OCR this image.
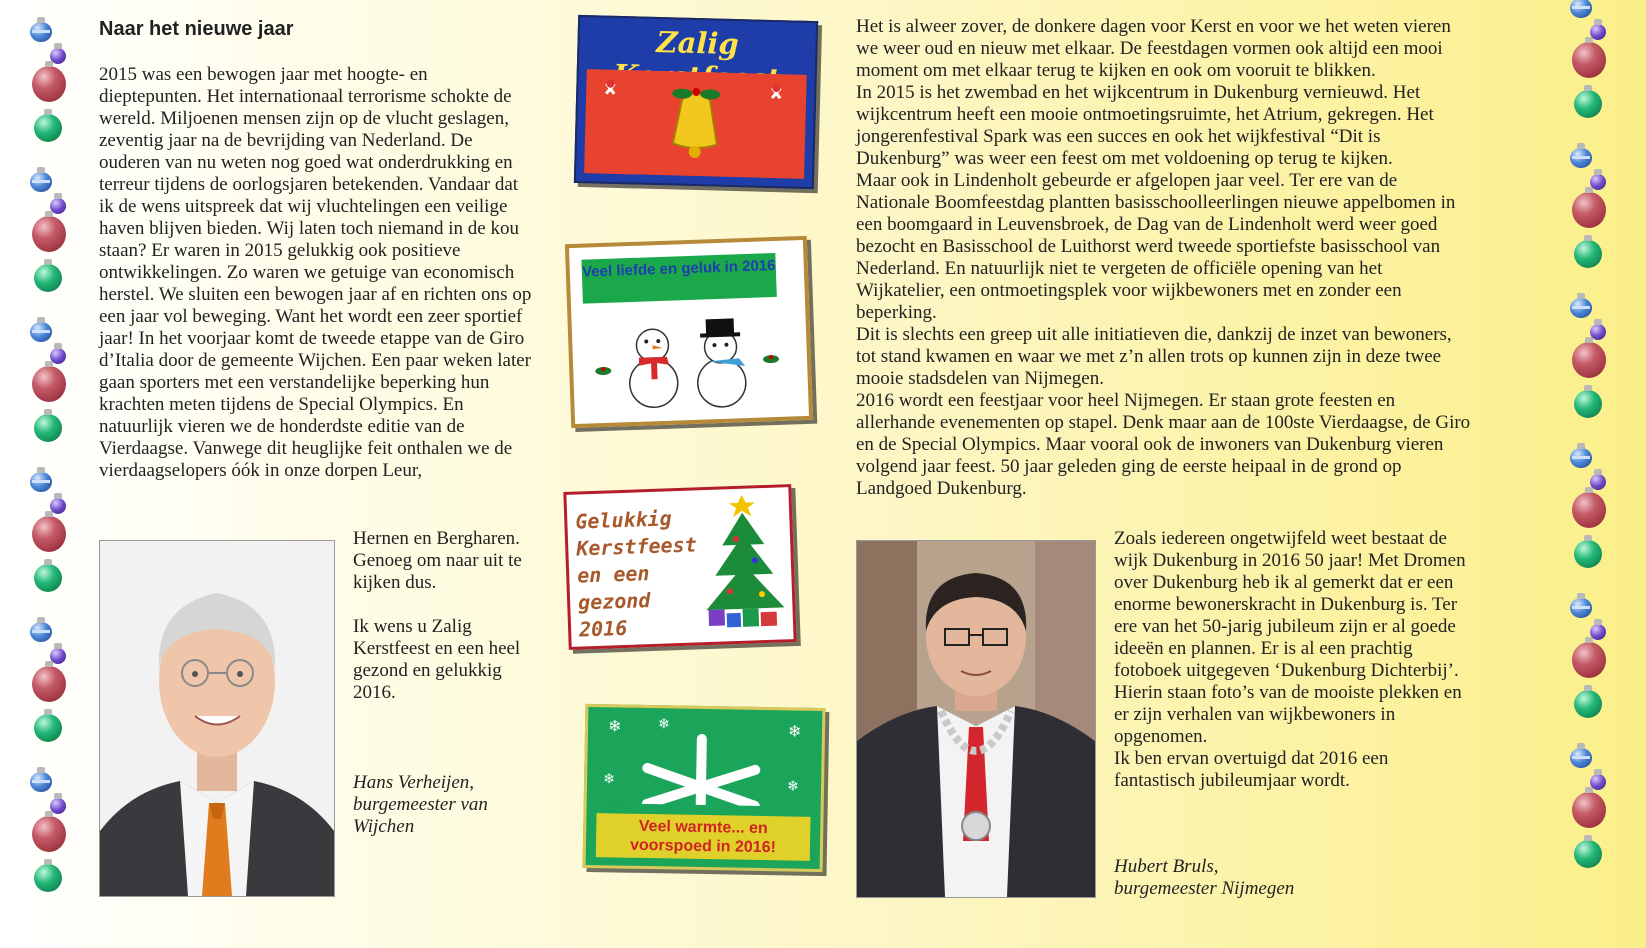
Naar het nieuwe jaar

2015 was een bewogen jaar met hoogte- en dieptepunten. Het internationaal terrorisme schokte de wereld. Miljoenen mensen zijn op de vlucht geslagen, zeventig jaar na de bevrijding van Nederland. De ouderen van nu weten nog goed wat onderdrukking en terreur tijdens de oorlogsjaren betekenden. Vandaar dat ik de wens uitspreek dat wij vluchtelingen een veilige haven blijven bieden. Wij laten toch niemand in de kou staan? Er waren in 2015 gelukkig ook positieve ontwikkelingen. Zo waren we getuige van economisch herstel. We sluiten een bewogen jaar af en richten ons op een jaar vol beweging. Want het wordt een zeer sportief jaar! In het voorjaar komt de tweede etappe van de Giro d’Italia door de gemeente Wijchen. Een paar weken later gaan sporters met een verstandelijke beperking hun krachten meten tijdens de Special Olympics. En natuurlijk vieren we de honderdste editie van de Vierdaagse. Vanwege dit heuglijke feit onthalen we de vierdaagselopers óók in onze dorpen Leur,

Hernen en Bergharen. Genoeg om naar uit te kijken dus.

Ik wens u Zalig Kerstfeest en een heel gezond en gelukkig 2016.

Hans Verheijen,

burgemeester van Wijchen

Zalig
Veel liefde en geluk in 2016
Gelukkig Kerstfeest en een gezond 2016
❄	❄	❄
❄	❄
Veel warmte... en voorspoed in 2016!

Het is alweer zover, de donkere dagen voor Kerst en voor we het weten vieren we weer oud en nieuw met elkaar. De feestdagen vormen ook altijd een mooi moment om met elkaar terug te kijken en ook om vooruit te blikken.

In 2015 is het zwembad en het wijkcentrum in Dukenburg vernieuwd. Het wijkcentrum heeft een mooie ontmoetingsruimte, het Atrium, gekregen. Het jongerenfestival Spark was een succes en ook het wijkfestival “Dit is Dukenburg” was weer een feest om met voldoening op terug te kijken.

Maar ook in Lindenholt gebeurde er afgelopen jaar veel. Ter ere van de Nationale Boomfeestdag plantten basisschoolleerlingen nieuwe appelbomen in een boomgaard in Leuvensbroek, de Dag van de Lindenholt werd weer goed bezocht en Basisschool de Luithorst werd tweede sportiefste basisschool van Nederland. En natuurlijk niet te vergeten de officiële opening van het Wijkatelier, een ontmoetingsplek voor wijkbewoners met en zonder een beperking.

Dit is slechts een greep uit alle initiatieven die, dankzij de inzet van bewoners, tot stand kwamen en waar we met z’n allen trots op kunnen zijn in deze twee mooie stadsdelen van Nijmegen.

2016 wordt een feestjaar voor heel Nijmegen. Er staan grote feesten en allerhande evenementen op stapel. Denk maar aan de 100ste Vierdaagse, de Giro en de Special Olympics. Maar vooral ook de inwoners van Dukenburg vieren volgend jaar feest. 50 jaar geleden ging de eerste heipaal in de grond op Landgoed Dukenburg.

Zoals iedereen ongetwijfeld weet bestaat de wijk Dukenburg in 2016 50 jaar! Met Dromen over Dukenburg heb ik al gemerkt dat er een enorme bewonerskracht in Dukenburg is. Ter ere van het 50-jarig jubileum zijn er al goede ideeën en plannen. Er is al een prachtig fotoboek uitgegeven ‘Dukenburg Dichterbij’. Hierin staan foto’s van de mooiste plekken en er zijn verhalen van wijkbewoners in opgenomen.

Ik ben ervan overtuigd dat 2016 een fantastisch jubileumjaar wordt.

Hubert Bruls,

burgemeester Nijmegen
